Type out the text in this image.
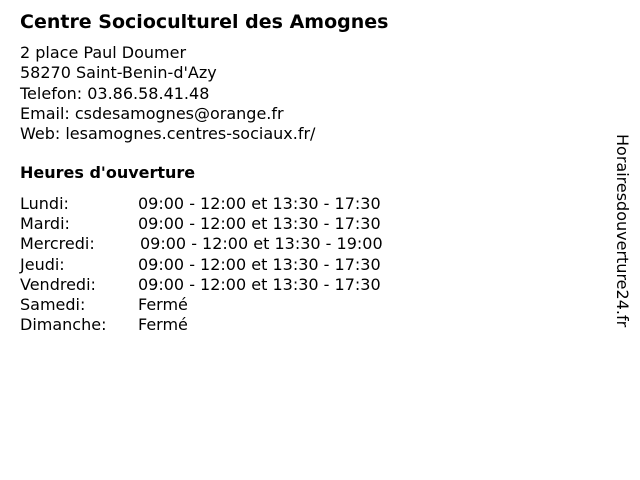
Centre Socioculturel des Amognes
2 place Paul Doumer
58270 Saint-Benin-d'Azy
Telefon: 03.86.58.41.48
Email: csdesamognes@orange.fr
Web: lesamognes.centres-sociaux.fr/
Heures d'ouverture
Lundi:	09:00 - 12:00 et 13:30 - 17:30
Mardi:	09:00 - 12:00 et 13:30 - 17:30
Mercredi:	09:00 - 12:00 et 13:30 - 19:00
Jeudi:	09:00 - 12:00 et 13:30 - 17:30
Vendredi:	09:00 - 12:00 et 13:30 - 17:30
Samedi:	Fermé
Dimanche: Fermé	Horairesdouverture24.fr
